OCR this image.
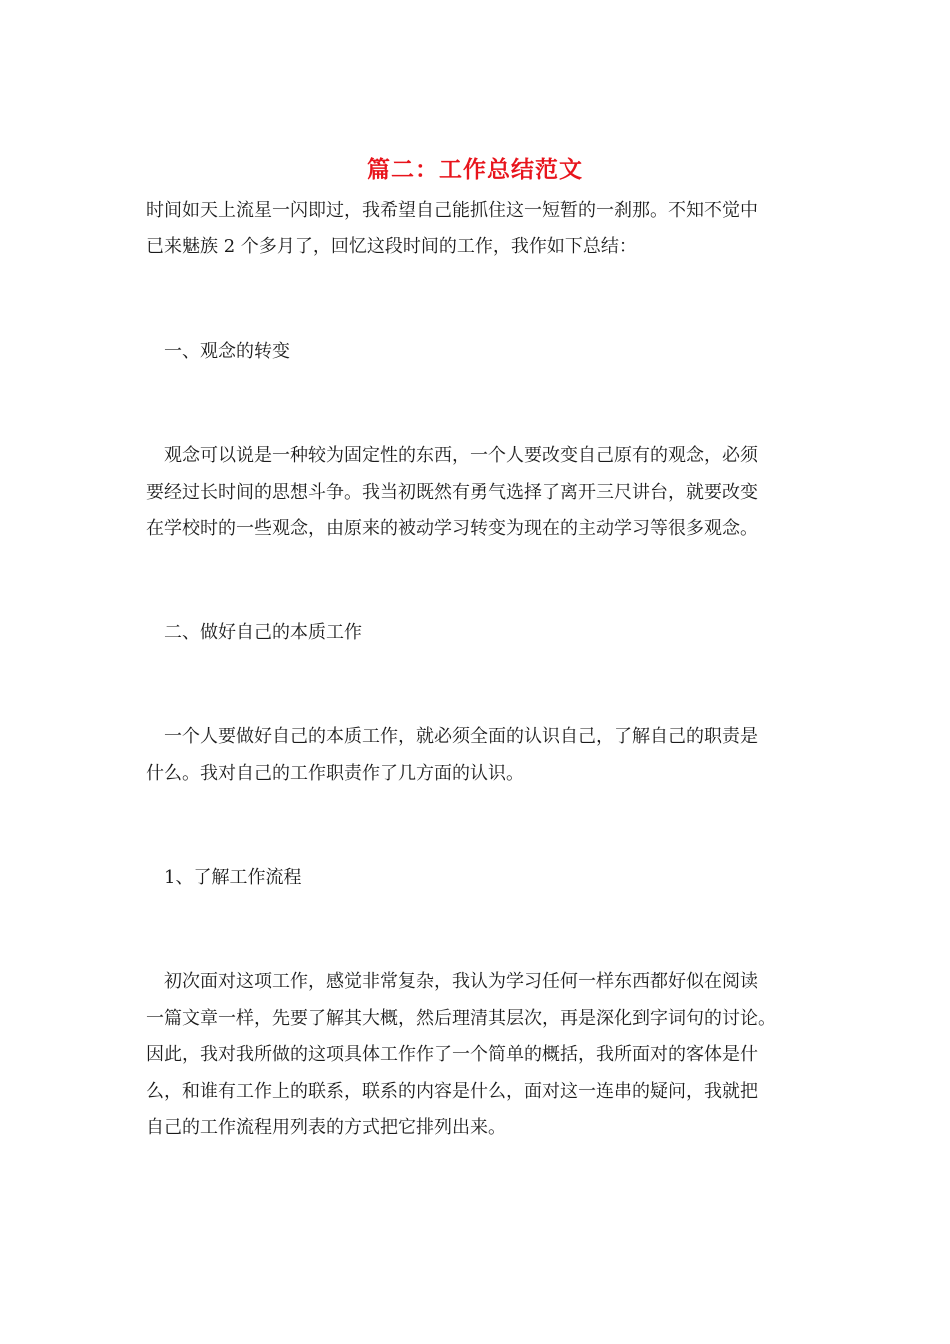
篇二：工作总结范文

时间如天上流星一闪即过，我希望自己能抓住这一短暂的一刹那。不知不觉中

已来魅族 2 个多月了，回忆这段时间的工作，我作如下总结：

一、观念的转变

观念可以说是一种较为固定性的东西，一个人要改变自己原有的观念，必须

要经过长时间的思想斗争。我当初既然有勇气选择了离开三尺讲台，就要改变

在学校时的一些观念，由原来的被动学习转变为现在的主动学习等很多观念。

二、做好自己的本质工作

一个人要做好自己的本质工作，就必须全面的认识自己，了解自己的职责是

什么。我对自己的工作职责作了几方面的认识。

1、了解工作流程

初次面对这项工作，感觉非常复杂，我认为学习任何一样东西都好似在阅读

一篇文章一样，先要了解其大概，然后理清其层次，再是深化到字词句的讨论。

因此，我对我所做的这项具体工作作了一个简单的概括，我所面对的客体是什

么，和谁有工作上的联系，联系的内容是什么，面对这一连串的疑问，我就把

自己的工作流程用列表的方式把它排列出来。
